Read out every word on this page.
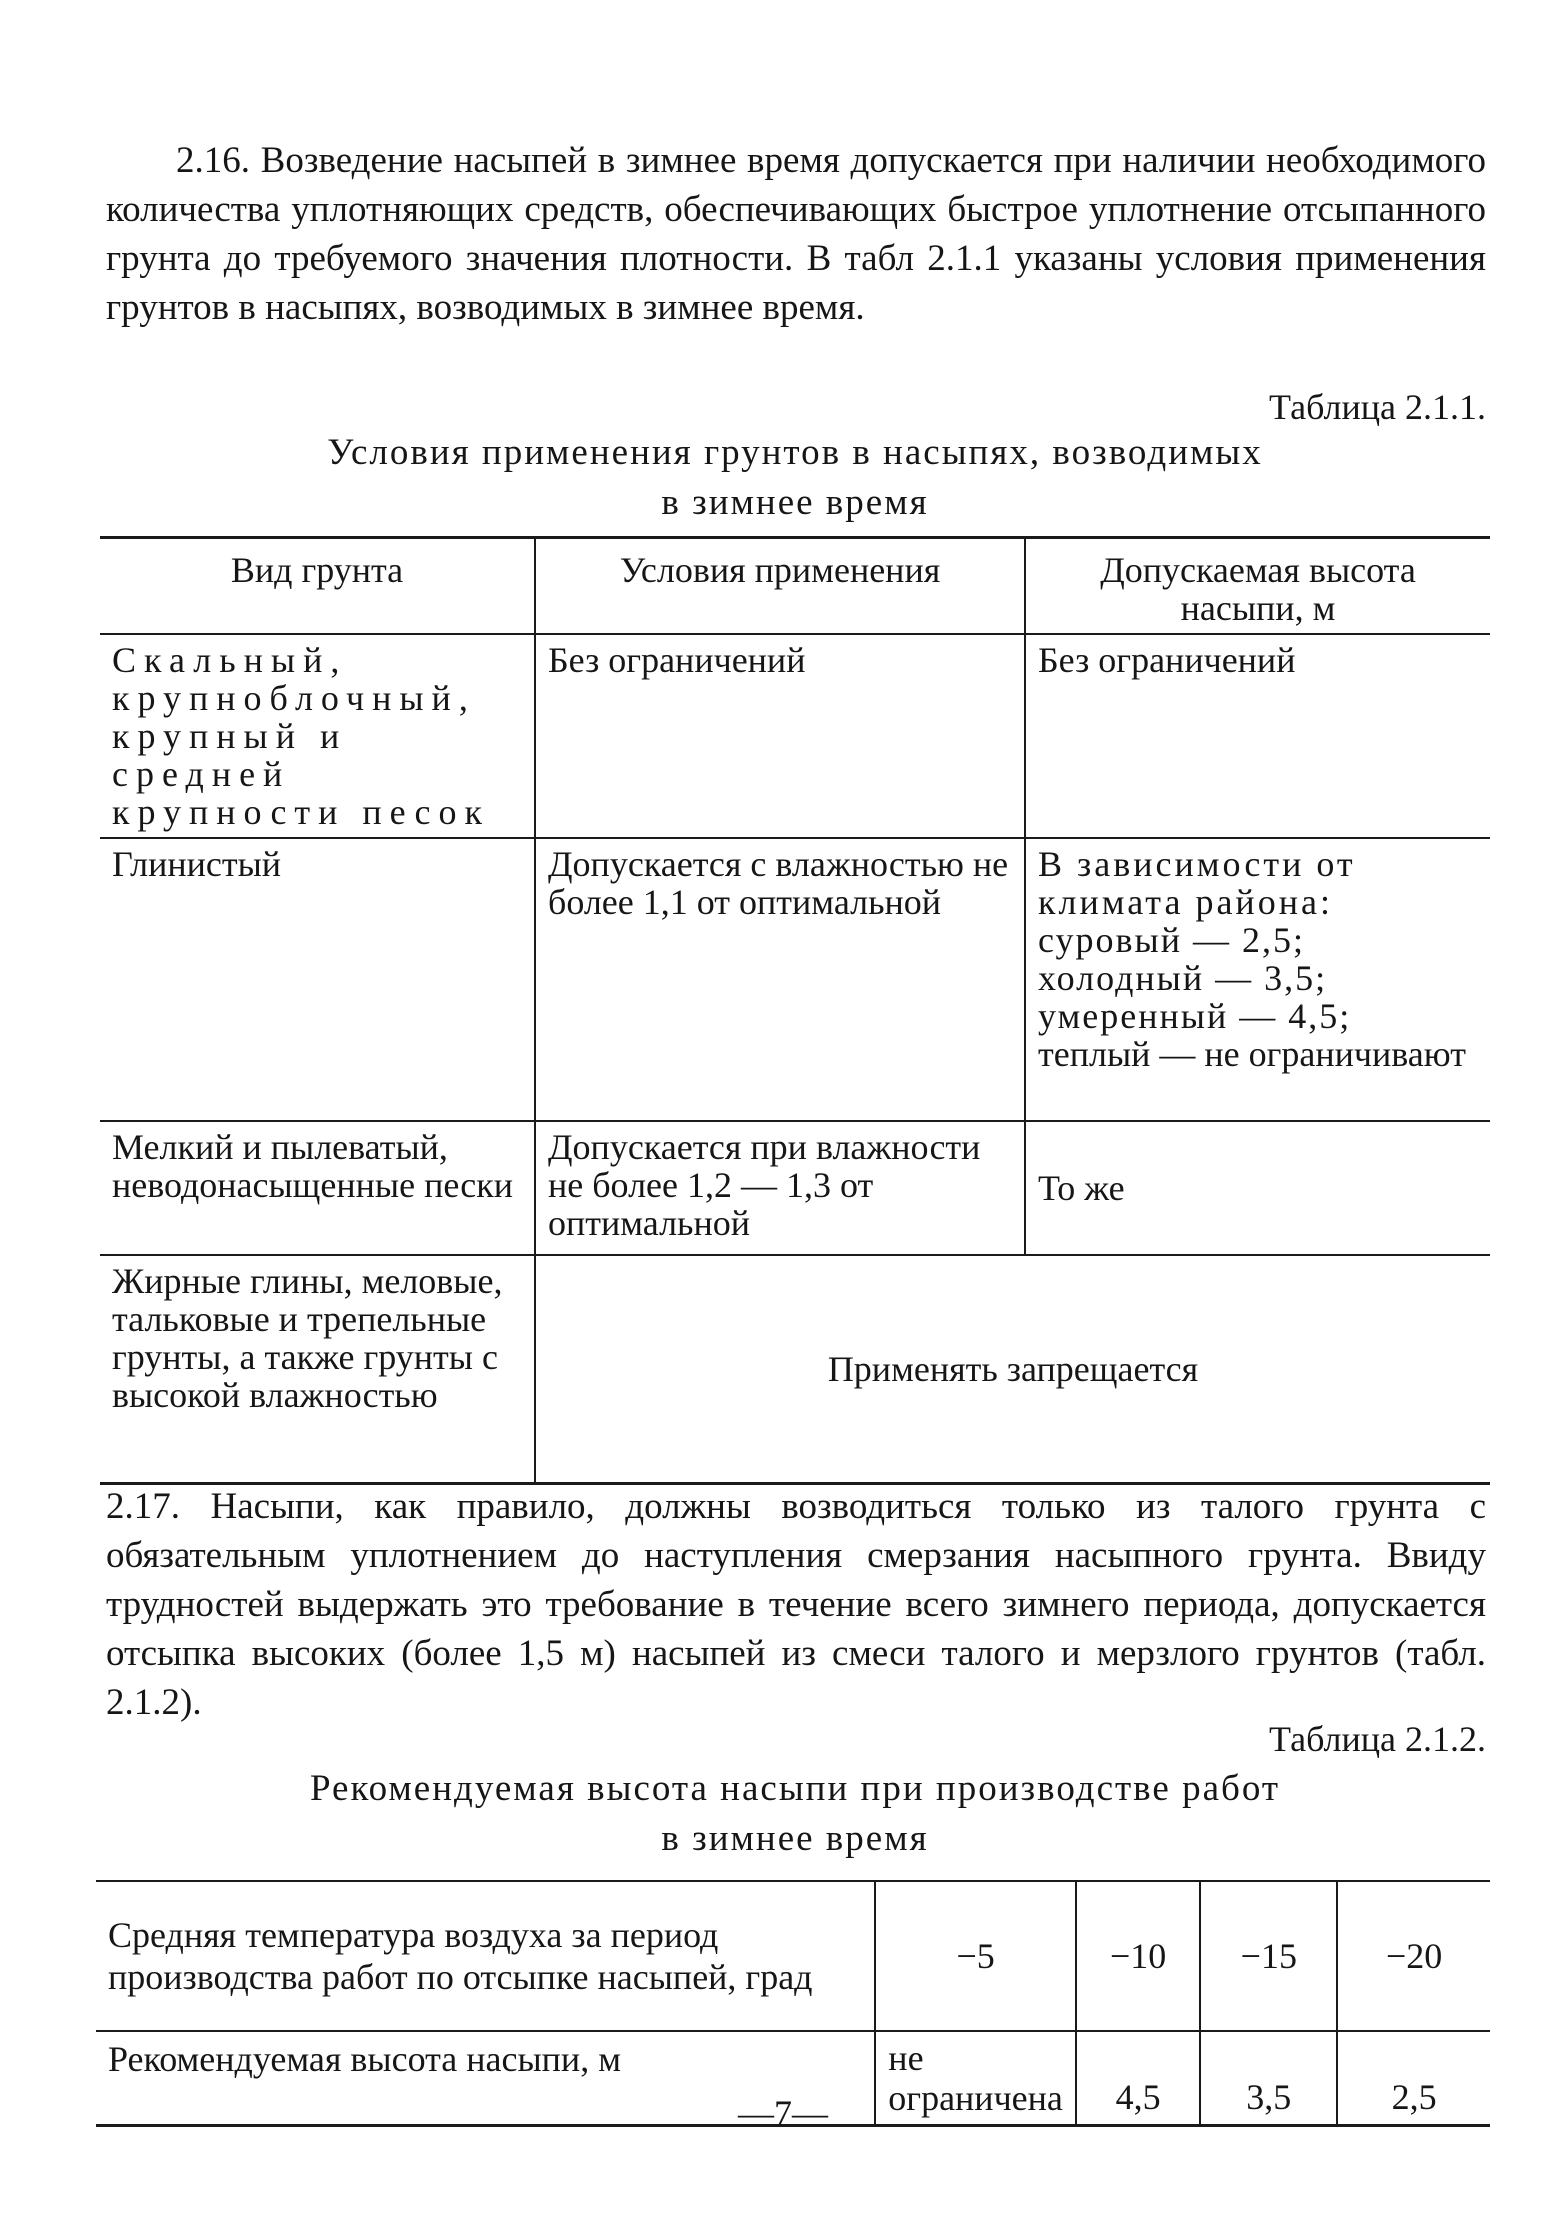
2.16. Возведение насыпей в зимнее время допускается при наличии необходимого количества уплотняющих средств, обеспечивающих быстрое уплотнение отсыпанного грунта до требуемого значения плотности. В табл 2.1.1 указаны условия применения грунтов в насыпях, возводимых в зимнее время.

Таблица 2.1.1.
Условия применения грунтов в насыпях, возводимых
в зимнее время
Вид грунта	Условия применения	Допускаемая высота насыпи, м
Скальный, крупноблочный, крупный и средней крупности песок	Без ограничений	Без ограничений
Глинистый	Допускается с влажностью не более 1,1 от оптимальной	В зависимости от климата района:
суровый — 2,5;
холодный — 3,5;
умеренный — 4,5;
теплый — не ограничивают

Мелкий и пылеватый, неводонасыщенные пески	Допускается при влажности не более 1,2 — 1,3 от оптимальной	То же
Жирные глины, меловые, тальковые и трепельные грунты, а также грунты с высокой влажностью	Применять запрещается	

2.17. Насыпи, как правило, должны возводиться только из талого грунта с обязательным уплотнением до наступления смерзания насыпного грунта. Ввиду трудностей выдержать это требование в течение всего зимнего периода, допускается отсыпка высоких (более 1,5 м) насыпей из смеси талого и мерзлого грунтов (табл. 2.1.2).

Таблица 2.1.2.
Рекомендуемая высота насыпи при производстве работ
в зимнее время
Средняя температура воздуха за период производства работ по отсыпке насыпей, град	−5	−10	−15	−20
Рекомендуемая высота насыпи, м	не ограничена	4,5	3,5	2,5
—7—
